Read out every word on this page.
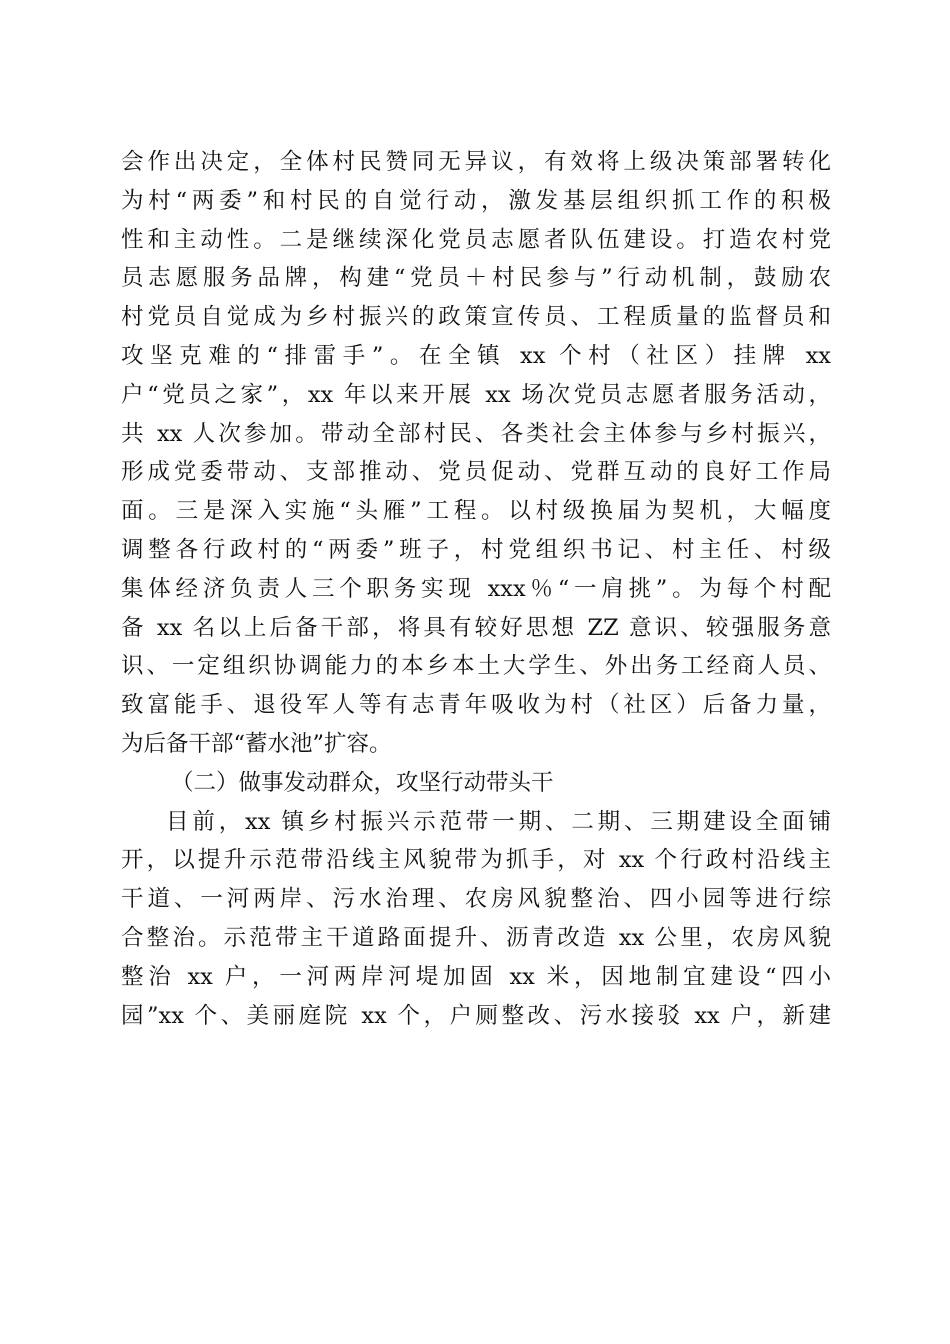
会作出决定，全体村民赞同无异议，有效将上级决策部署转化
为村“两委”和村民的自觉行动，激发基层组织抓工作的积极
性和主动性。二是继续深化党员志愿者队伍建设。打造农村党
员志愿服务品牌，构建“党员＋村民参与”行动机制，鼓励农
村党员自觉成为乡村振兴的政策宣传员、工程质量的监督员和
攻坚克难的“排雷手”。在全镇 xx 个村（社区）挂牌 xx
户“党员之家”，xx 年以来开展 xx 场次党员志愿者服务活动，
共 xx 人次参加。带动全部村民、各类社会主体参与乡村振兴，
形成党委带动、支部推动、党员促动、党群互动的良好工作局
面。三是深入实施“头雁”工程。以村级换届为契机，大幅度
调整各行政村的“两委”班子，村党组织书记、村主任、村级
集体经济负责人三个职务实现 xxx％“一肩挑”。为每个村配
备 xx 名以上后备干部，将具有较好思想 ZZ 意识、较强服务意
识、一定组织协调能力的本乡本土大学生、外出务工经商人员、
致富能手、退役军人等有志青年吸收为村（社区）后备力量，
为后备干部“蓄水池”扩容。
（二）做事发动群众，攻坚行动带头干
目前，xx 镇乡村振兴示范带一期、二期、三期建设全面铺
开，以提升示范带沿线主风貌带为抓手，对 xx 个行政村沿线主
干道、一河两岸、污水治理、农房风貌整治、四小园等进行综
合整治。示范带主干道路面提升、沥青改造 xx 公里，农房风貌
整治 xx 户，一河两岸河堤加固 xx 米，因地制宜建设“四小
园”xx 个、美丽庭院 xx 个，户厕整改、污水接驳 xx 户，新建
